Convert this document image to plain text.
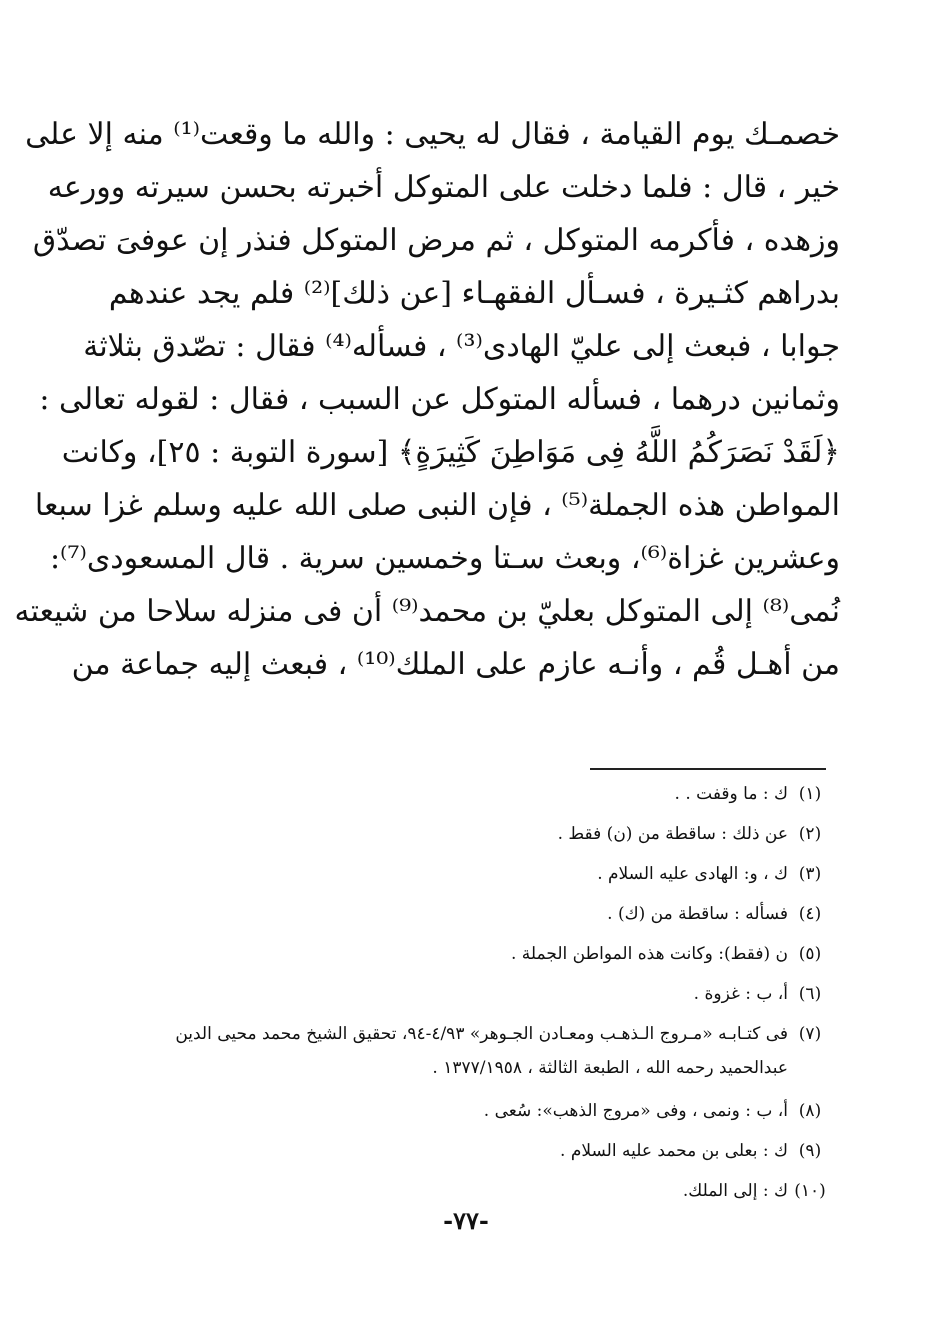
خصمـك يوم القيامة ، فقال له يحيى : والله ما وقعت⁽¹⁾ منه إلا على
خير ، قال : فلما دخلت على المتوكل أخبرته بحسن سيرته وورعه
وزهده ، فأكرمه المتوكل ، ثم مرض المتوكل فنذر إن عوفىَ تصدّق
بدراهم كثـيرة ، فسـأل الفقهـاء [عن ذلك]⁽²⁾ فلم يجد عندهم
جوابا ، فبعث إلى عليّ الهادى⁽³⁾ ، فسأله⁽⁴⁾ فقال : تصّدق بثلاثة
وثمانين درهما ، فسأله المتوكل عن السبب ، فقال : لقوله تعالى :
﴿لَقَدْ نَصَرَكُمُ اللَّهُ فِى مَوَاطِنَ كَثِيرَةٍ﴾ [سورة التوبة : ٢٥]، وكانت
المواطن هذه الجملة⁽⁵⁾ ، فإن النبى صلى الله عليه وسلم غزا سبعا
وعشرين غزاة⁽⁶⁾، وبعث سـتا وخمسين سرية . قال المسعودى⁽⁷⁾:
نُمى⁽⁸⁾ إلى المتوكل بعليّ بن محمد⁽⁹⁾ أن فى منزله سلاحا من شيعته
من أهـل قُم ، وأنـه عازم على الملك⁽¹⁰⁾ ، فبعث إليه جماعة من
(١)
ك : ما وقفت . .
(٢)
عن ذلك : ساقطة من (ن) فقط .
(٣)
ك ، و: الهادى عليه السلام .
(٤)
فسأله : ساقطة من (ك) .
(٥)
ن (فقط): وكانت هذه المواطن الجملة .
(٦)
أ، ب : غزوة .
(٧)
فى كتـابـه «مـروج الـذهـب ومعـادن الجـوهر» ٤/٩٣-٩٤، تحقيق الشيخ محمد محيى الدين عبدالحميد رحمه الله ، الطبعة الثالثة ، ١٣٧٧/١٩٥٨ .
(٨)
أ، ب : ونمى ، وفى «مروج الذهب»: سُعى .
(٩)
ك : بعلى بن محمد عليه السلام .
(١٠)
ك : إلى الملك.
-٧٧-
